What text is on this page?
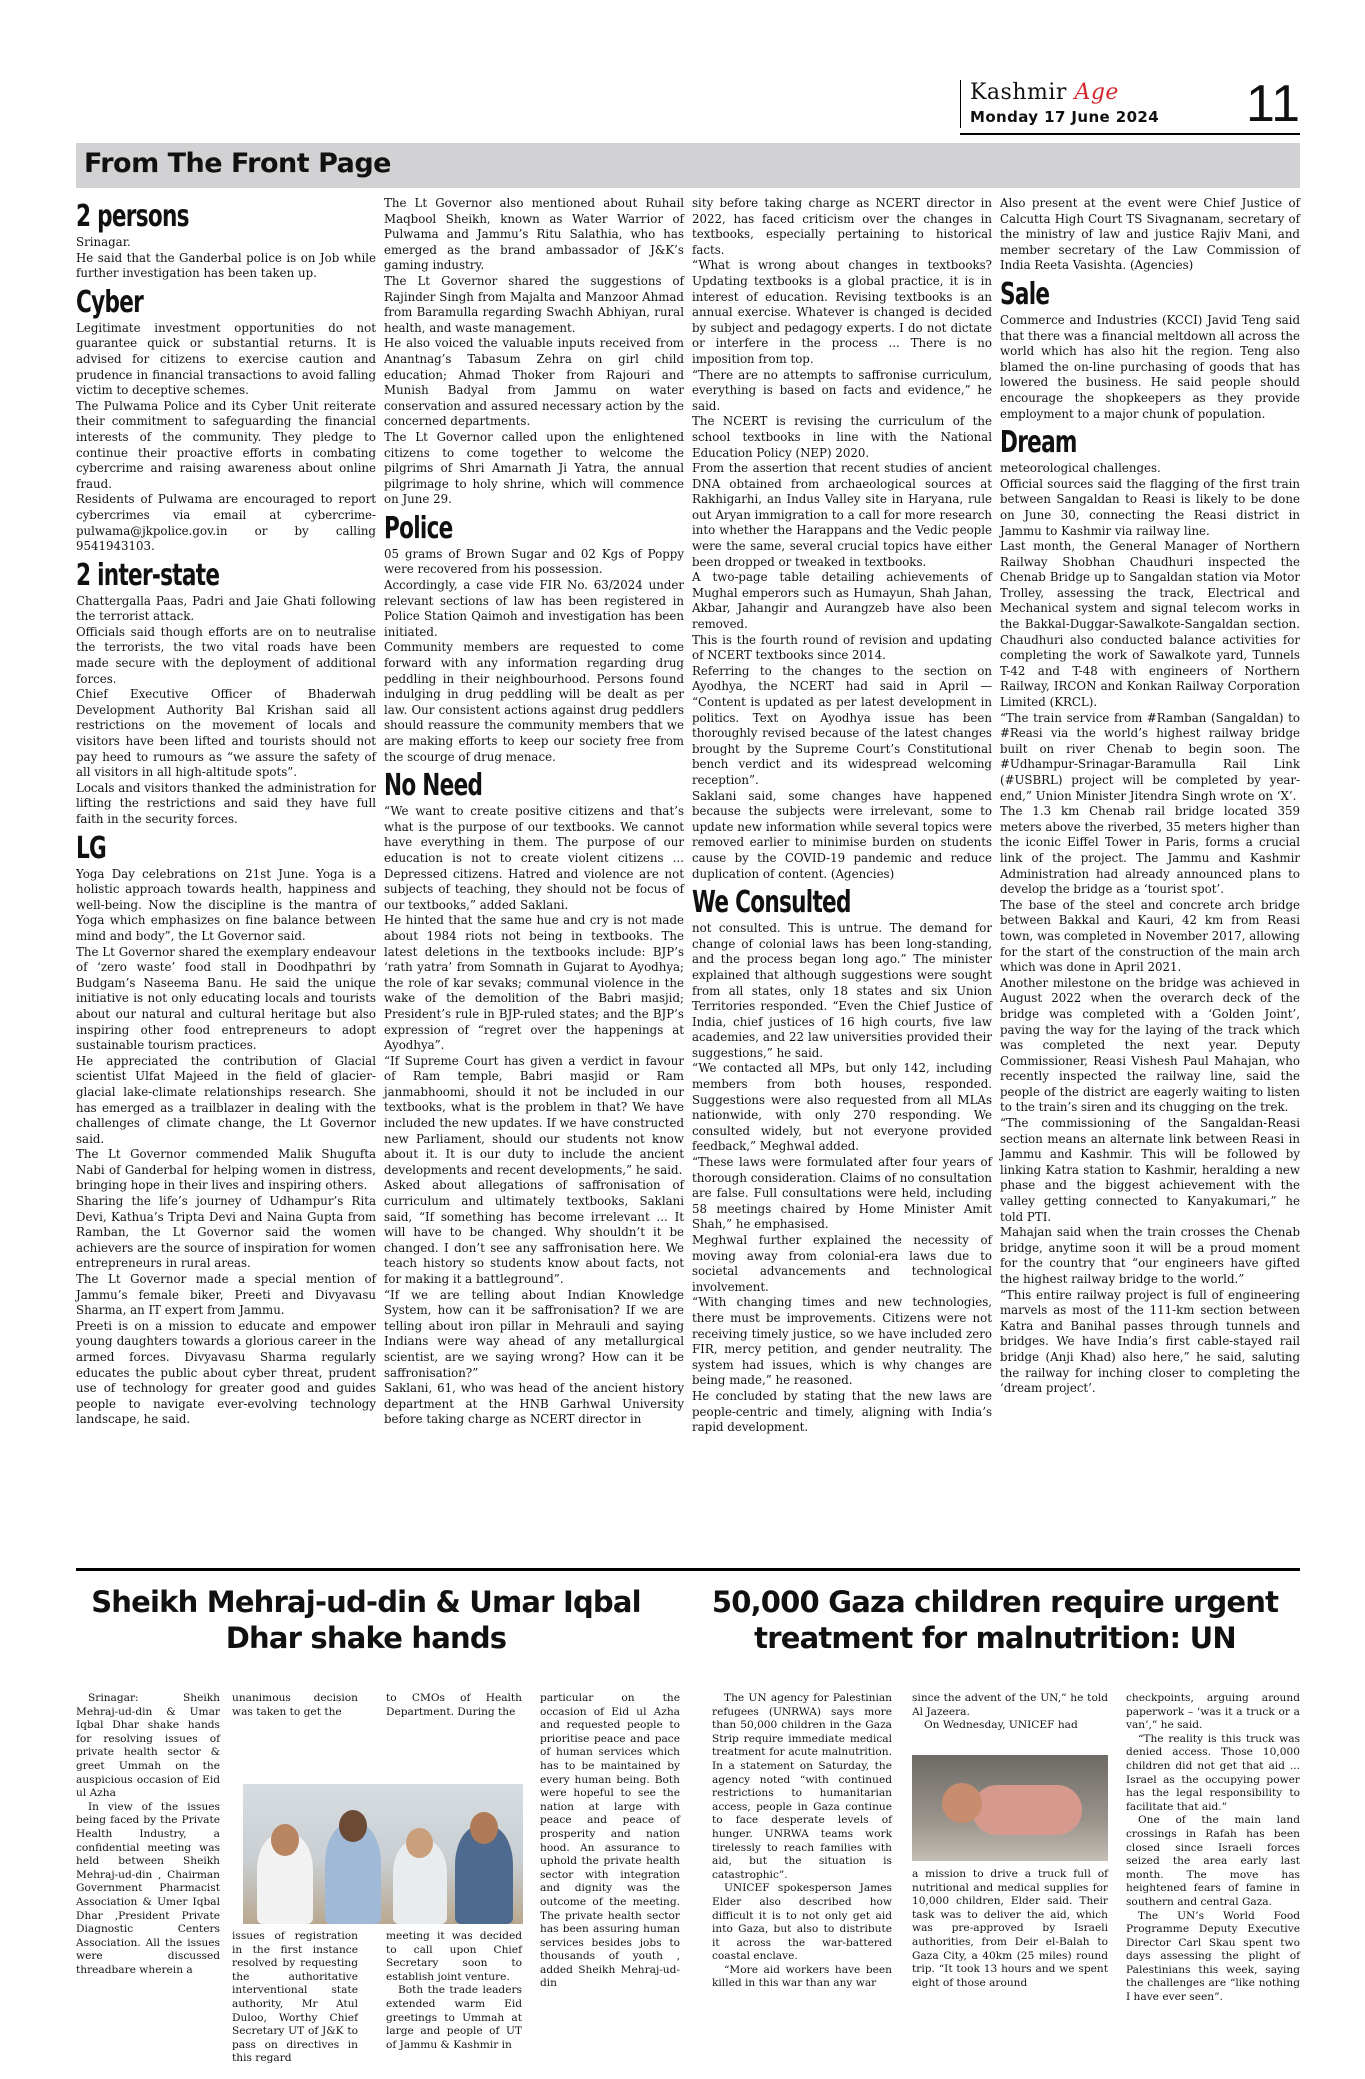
Kashmir Age
Monday 17 June 2024 11
From The Front Page
2 persons

Srinagar.

He said that the Ganderbal police is on Job while further investigation has been taken up.

Cyber

Legitimate investment opportunities do not guarantee quick or substantial returns. It is advised for citizens to exercise caution and prudence in financial transactions to avoid falling victim to deceptive schemes.

The Pulwama Police and its Cyber Unit reiterate their commitment to safeguarding the financial interests of the community. They pledge to continue their proactive efforts in combating cybercrime and raising awareness about online fraud.

Residents of Pulwama are encouraged to report cybercrimes via email at cybercrime-pulwama@jkpolice.gov.in or by calling 9541943103.

2 inter-state

Chattergalla Paas, Padri and Jaie Ghati following the terrorist attack.

Officials said though efforts are on to neutralise the terrorists, the two vital roads have been made secure with the deployment of additional forces.

Chief Executive Officer of Bhaderwah Development Authority Bal Krishan said all restrictions on the movement of locals and visitors have been lifted and tourists should not pay heed to rumours as “we assure the safety of all visitors in all high-altitude spots”.

Locals and visitors thanked the administration for lifting the restrictions and said they have full faith in the security forces.

LG

Yoga Day celebrations on 21st June. Yoga is a holistic approach towards health, happiness and well-being. Now the discipline is the mantra of Yoga which emphasizes on fine balance between mind and body”, the Lt Governor said.

The Lt Governor shared the exemplary endeavour of ‘zero waste’ food stall in Doodhpathri by Budgam’s Naseema Banu. He said the unique initiative is not only educating locals and tourists about our natural and cultural heritage but also inspiring other food entrepreneurs to adopt sustainable tourism practices.

He appreciated the contribution of Glacial scientist Ulfat Majeed in the field of glacier-glacial lake-climate relationships research. She has emerged as a trailblazer in dealing with the challenges of climate change, the Lt Governor said.

The Lt Governor commended Malik Shugufta Nabi of Ganderbal for helping women in distress, bringing hope in their lives and inspiring others.

Sharing the life’s journey of Udhampur’s Rita Devi, Kathua’s Tripta Devi and Naina Gupta from Ramban, the Lt Governor said the women achievers are the source of inspiration for women entrepreneurs in rural areas.

The Lt Governor made a special mention of Jammu’s female biker, Preeti and Divyavasu Sharma, an IT expert from Jammu.

Preeti is on a mission to educate and empower young daughters towards a glorious career in the armed forces. Divyavasu Sharma regularly educates the public about cyber threat, prudent use of technology for greater good and guides people to navigate ever-evolving technology landscape, he said.

The Lt Governor also mentioned about Ruhail Maqbool Sheikh, known as Water Warrior of Pulwama and Jammu’s Ritu Salathia, who has emerged as the brand ambassador of J&K’s gaming industry.

The Lt Governor shared the suggestions of Rajinder Singh from Majalta and Manzoor Ahmad from Baramulla regarding Swachh Abhiyan, rural health, and waste management.

He also voiced the valuable inputs received from Anantnag’s Tabasum Zehra on girl child education; Ahmad Thoker from Rajouri and Munish Badyal from Jammu on water conservation and assured necessary action by the concerned departments.

The Lt Governor called upon the enlightened citizens to come together to welcome the pilgrims of Shri Amarnath Ji Yatra, the annual pilgrimage to holy shrine, which will commence on June 29.

Police

05 grams of Brown Sugar and 02 Kgs of Poppy were recovered from his possession.

Accordingly, a case vide FIR No. 63/2024 under relevant sections of law has been registered in Police Station Qaimoh and investigation has been initiated.

Community members are requested to come forward with any information regarding drug peddling in their neighbourhood. Persons found indulging in drug peddling will be dealt as per law. Our consistent actions against drug peddlers should reassure the community members that we are making efforts to keep our society free from the scourge of drug menace.

No Need

“We want to create positive citizens and that’s what is the purpose of our textbooks. We cannot have everything in them. The purpose of our education is not to create violent citizens ... Depressed citizens. Hatred and violence are not subjects of teaching, they should not be focus of our textbooks,” added Saklani.

He hinted that the same hue and cry is not made about 1984 riots not being in textbooks. The latest deletions in the textbooks include: BJP’s ‘rath yatra’ from Somnath in Gujarat to Ayodhya; the role of kar sevaks; communal violence in the wake of the demolition of the Babri masjid; President’s rule in BJP-ruled states; and the BJP’s expression of “regret over the happenings at Ayodhya”.

“If Supreme Court has given a verdict in favour of Ram temple, Babri masjid or Ram janmabhoomi, should it not be included in our textbooks, what is the problem in that? We have included the new updates. If we have constructed new Parliament, should our students not know about it. It is our duty to include the ancient developments and recent developments,” he said.

Asked about allegations of saffronisation of curriculum and ultimately textbooks, Saklani said, “If something has become irrelevant ... It will have to be changed. Why shouldn’t it be changed. I don’t see any saffronisation here. We teach history so students know about facts, not for making it a battleground”.

“If we are telling about Indian Knowledge System, how can it be saffronisation? If we are telling about iron pillar in Mehrauli and saying Indians were way ahead of any metallurgical scientist, are we saying wrong? How can it be saffronisation?”

Saklani, 61, who was head of the ancient history department at the HNB Garhwal University before taking charge as NCERT director in

sity before taking charge as NCERT director in 2022, has faced criticism over the changes in textbooks, especially pertaining to historical facts.

“What is wrong about changes in textbooks? Updating textbooks is a global practice, it is in interest of education. Revising textbooks is an annual exercise. Whatever is changed is decided by subject and pedagogy experts. I do not dictate or interfere in the process ... There is no imposition from top.

“There are no attempts to saffronise curriculum, everything is based on facts and evidence,” he said.

The NCERT is revising the curriculum of the school textbooks in line with the National Education Policy (NEP) 2020.

From the assertion that recent studies of ancient DNA obtained from archaeological sources at Rakhigarhi, an Indus Valley site in Haryana, rule out Aryan immigration to a call for more research into whether the Harappans and the Vedic people were the same, several crucial topics have either been dropped or tweaked in textbooks.

A two-page table detailing achievements of Mughal emperors such as Humayun, Shah Jahan, Akbar, Jahangir and Aurangzeb have also been removed.

This is the fourth round of revision and updating of NCERT textbooks since 2014.

Referring to the changes to the section on Ayodhya, the NCERT had said in April — “Content is updated as per latest development in politics. Text on Ayodhya issue has been thoroughly revised because of the latest changes brought by the Supreme Court’s Constitutional bench verdict and its widespread welcoming reception”.

Saklani said, some changes have happened because the subjects were irrelevant, some to update new information while several topics were removed earlier to minimise burden on students cause by the COVID-19 pandemic and reduce duplication of content. (Agencies)

We Consulted

not consulted. This is untrue. The demand for change of colonial laws has been long-standing, and the process began long ago.” The minister explained that although suggestions were sought from all states, only 18 states and six Union Territories responded. “Even the Chief Justice of India, chief justices of 16 high courts, five law academies, and 22 law universities provided their suggestions,” he said.

“We contacted all MPs, but only 142, including members from both houses, responded. Suggestions were also requested from all MLAs nationwide, with only 270 responding. We consulted widely, but not everyone provided feedback,” Meghwal added.

“These laws were formulated after four years of thorough consideration. Claims of no consultation are false. Full consultations were held, including 58 meetings chaired by Home Minister Amit Shah,” he emphasised.

Meghwal further explained the necessity of moving away from colonial-era laws due to societal advancements and technological involvement.

“With changing times and new technologies, there must be improvements. Citizens were not receiving timely justice, so we have included zero FIR, mercy petition, and gender neutrality. The system had issues, which is why changes are being made,” he reasoned.

He concluded by stating that the new laws are people-centric and timely, aligning with India’s rapid development.

Also present at the event were Chief Justice of Calcutta High Court TS Sivagnanam, secretary of the ministry of law and justice Rajiv Mani, and member secretary of the Law Commission of India Reeta Vasishta. (Agencies)

Sale

Commerce and Industries (KCCI) Javid Teng said that there was a financial meltdown all across the world which has also hit the region. Teng also blamed the on-line purchasing of goods that has lowered the business. He said people should encourage the shopkeepers as they provide employment to a major chunk of population.

Dream

meteorological challenges.

Official sources said the flagging of the first train between Sangaldan to Reasi is likely to be done on June 30, connecting the Reasi district in Jammu to Kashmir via railway line.

Last month, the General Manager of Northern Railway Shobhan Chaudhuri inspected the Chenab Bridge up to Sangaldan station via Motor Trolley, assessing the track, Electrical and Mechanical system and signal telecom works in the Bakkal-Duggar-Sawalkote-Sangaldan section. Chaudhuri also conducted balance activities for completing the work of Sawalkote yard, Tunnels T-42 and T-48 with engineers of Northern Railway, IRCON and Konkan Railway Corporation Limited (KRCL).

“The train service from #Ramban (Sangaldan) to #Reasi via the world’s highest railway bridge built on river Chenab to begin soon. The #Udhampur-Srinagar-Baramulla Rail Link (#USBRL) project will be completed by year-end,” Union Minister Jitendra Singh wrote on ‘X’.

The 1.3 km Chenab rail bridge located 359 meters above the riverbed, 35 meters higher than the iconic Eiffel Tower in Paris, forms a crucial link of the project. The Jammu and Kashmir Administration had already announced plans to develop the bridge as a ‘tourist spot’.

The base of the steel and concrete arch bridge between Bakkal and Kauri, 42 km from Reasi town, was completed in November 2017, allowing for the start of the construction of the main arch which was done in April 2021.

Another milestone on the bridge was achieved in August 2022 when the overarch deck of the bridge was completed with a ‘Golden Joint’, paving the way for the laying of the track which was completed the next year. Deputy Commissioner, Reasi Vishesh Paul Mahajan, who recently inspected the railway line, said the people of the district are eagerly waiting to listen to the train’s siren and its chugging on the trek.

“The commissioning of the Sangaldan-Reasi section means an alternate link between Reasi in Jammu and Kashmir. This will be followed by linking Katra station to Kashmir, heralding a new phase and the biggest achievement with the valley getting connected to Kanyakumari,” he told PTI.

Mahajan said when the train crosses the Chenab bridge, anytime soon it will be a proud moment for the country that “our engineers have gifted the highest railway bridge to the world.”

“This entire railway project is full of engineering marvels as most of the 111-km section between Katra and Banihal passes through tunnels and bridges. We have India’s first cable-stayed rail bridge (Anji Khad) also here,” he said, saluting the railway for inching closer to completing the ‘dream project’.

Sheikh Mehraj-ud-din & Umar Iqbal Dhar shake hands

Srinagar: Sheikh Mehraj-ud-din & Umar Iqbal Dhar shake hands for resolving issues of private health sector & greet Ummah on the auspicious occasion of Eid ul Azha

In view of the issues being faced by the Private Health Industry, a confidential meeting was held between Sheikh Mehraj-ud-din , Chairman Government Pharmacist Association & Umer Iqbal Dhar ,President Private Diagnostic Centers Association. All the issues were discussed threadbare wherein a

unanimous decision was taken to get the

to CMOs of Health Department. During the

issues of registration in the first instance resolved by requesting the authoritative interventional state authority, Mr Atul Duloo, Worthy Chief Secretary UT of J&K to pass on directives in this regard

meeting it was decided to call upon Chief Secretary soon to establish joint venture.

Both the trade leaders extended warm Eid greetings to Ummah at large and people of UT of Jammu & Kashmir in

particular on the occasion of Eid ul Azha and requested people to prioritise peace and pace of human services which has to be maintained by every human being. Both were hopeful to see the nation at large with peace and peace of prosperity and nation hood. An assurance to uphold the private health sector with integration and dignity was the outcome of the meeting. The private health sector has been assuring human services besides jobs to thousands of youth , added Sheikh Mehraj-ud-din

50,000 Gaza children require urgent treatment for malnutrition: UN

The UN agency for Palestinian refugees (UNRWA) says more than 50,000 children in the Gaza Strip require immediate medical treatment for acute malnutrition. In a statement on Saturday, the agency noted “with continued restrictions to humanitarian access, people in Gaza continue to face desperate levels of hunger. UNRWA teams work tirelessly to reach families with aid, but the situation is catastrophic”.

UNICEF spokesperson James Elder also described how difficult it is to not only get aid into Gaza, but also to distribute it across the war-battered coastal enclave.

“More aid workers have been killed in this war than any war

since the advent of the UN,” he told Al Jazeera.

On Wednesday, UNICEF had

a mission to drive a truck full of nutritional and medical supplies for 10,000 children, Elder said. Their task was to deliver the aid, which was pre-approved by Israeli authorities, from Deir el-Balah to Gaza City, a 40km (25 miles) round trip. “It took 13 hours and we spent eight of those around

checkpoints, arguing around paperwork – ‘was it a truck or a van’,” he said.

“The reality is this truck was denied access. Those 10,000 children did not get that aid ... Israel as the occupying power has the legal responsibility to facilitate that aid.”

One of the main land crossings in Rafah has been closed since Israeli forces seized the area early last month. The move has heightened fears of famine in southern and central Gaza.

The UN’s World Food Programme Deputy Executive Director Carl Skau spent two days assessing the plight of Palestinians this week, saying the challenges are “like nothing I have ever seen”.
